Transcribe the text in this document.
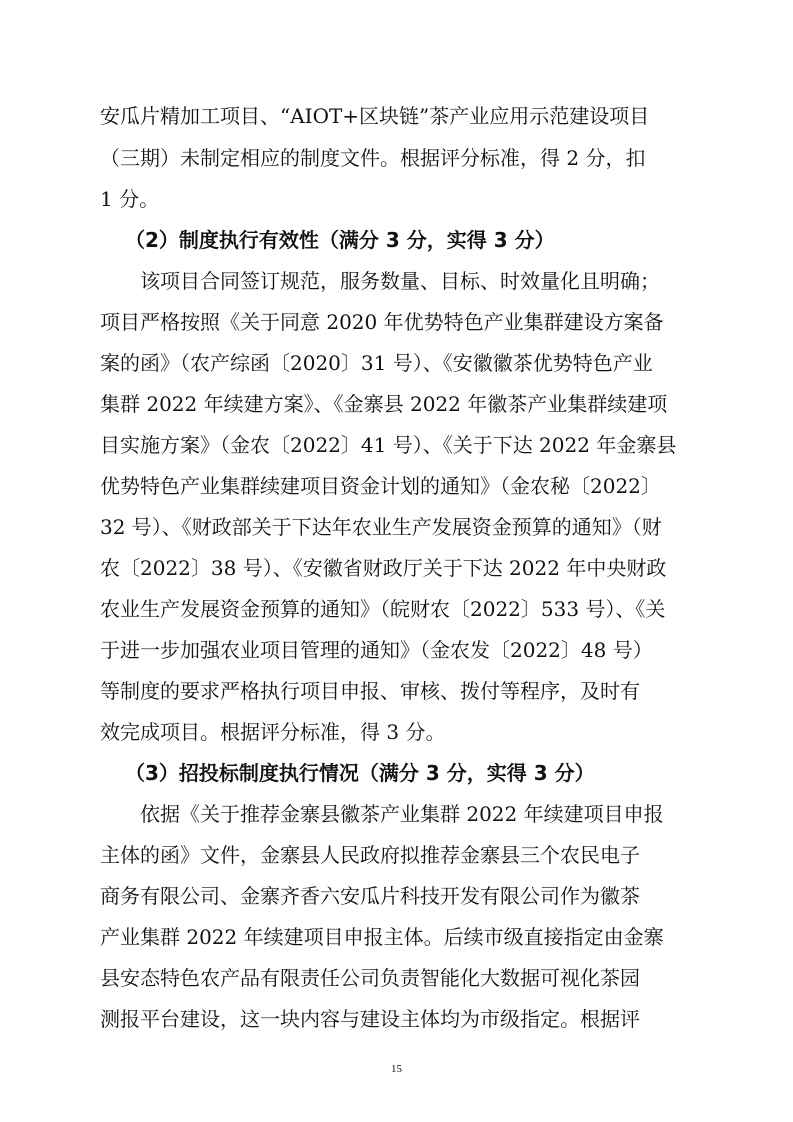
安瓜片精加工项目、“AIOT+区块链”茶产业应用示范建设项目
（三期）未制定相应的制度文件。根据评分标准，得 2 分，扣
1 分。
（2）制度执行有效性（满分 3 分，实得 3 分）
该项目合同签订规范，服务数量、目标、时效量化且明确；
项目严格按照《关于同意 2020 年优势特色产业集群建设方案备
案的函》（农产综函〔2020〕31 号）、《安徽徽茶优势特色产业
集群 2022 年续建方案》、《金寨县 2022 年徽茶产业集群续建项
目实施方案》（金农〔2022〕41 号）、《关于下达 2022 年金寨县
优势特色产业集群续建项目资金计划的通知》（金农秘〔2022〕
32 号）、《财政部关于下达年农业生产发展资金预算的通知》（财
农〔2022〕38 号）、《安徽省财政厅关于下达 2022 年中央财政
农业生产发展资金预算的通知》（皖财农〔2022〕533 号）、《关
于进一步加强农业项目管理的通知》（金农发〔2022〕48 号）
等制度的要求严格执行项目申报、审核、拨付等程序，及时有
效完成项目。根据评分标准，得 3 分。
（3）招投标制度执行情况（满分 3 分，实得 3 分）
依据《关于推荐金寨县徽茶产业集群 2022 年续建项目申报
主体的函》文件，金寨县人民政府拟推荐金寨县三个农民电子
商务有限公司、金寨齐香六安瓜片科技开发有限公司作为徽茶
产业集群 2022 年续建项目申报主体。后续市级直接指定由金寨
县安态特色农产品有限责任公司负责智能化大数据可视化茶园
测报平台建设，这一块内容与建设主体均为市级指定。根据评
15
